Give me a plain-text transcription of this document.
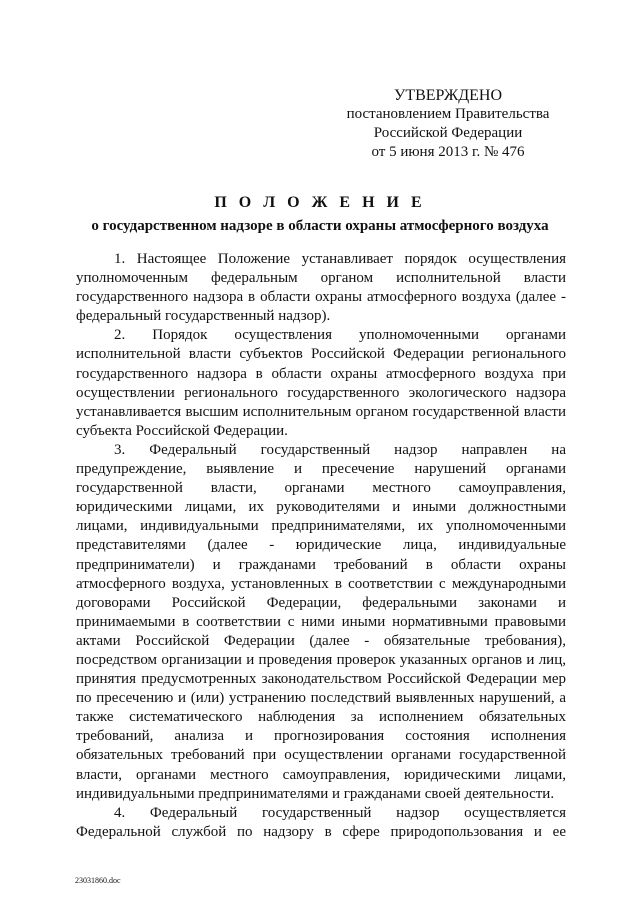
УТВЕРЖДЕНО
постановлением Правительства
Российской Федерации
от 5 июня 2013 г. № 476
П О Л О Ж Е Н И Е
о государственном надзоре в области охраны атмосферного воздуха

1. Настоящее Положение устанавливает порядок осуществления уполномоченным федеральным органом исполнительной власти государственного надзора в области охраны атмосферного воздуха (далее - федеральный государственный надзор).

2. Порядок осуществления уполномоченными органами исполнительной власти субъектов Российской Федерации регионального государственного надзора в области охраны атмосферного воздуха при осуществлении регионального государственного экологического надзора устанавливается высшим исполнительным органом государственной власти субъекта Российской Федерации.

3. Федеральный государственный надзор направлен на предупреждение, выявление и пресечение нарушений органами государственной власти, органами местного самоуправления, юридическими лицами, их руководителями и иными должностными лицами, индивидуальными предпринимателями, их уполномоченными представителями (далее - юридические лица, индивидуальные предприниматели) и гражданами требований в области охраны атмосферного воздуха, установленных в соответствии с международными договорами Российской Федерации, федеральными законами и принимаемыми в соответствии с ними иными нормативными правовыми актами Российской Федерации (далее - обязательные требования), посредством организации и проведения проверок указанных органов и лиц, принятия предусмотренных законодательством Российской Федерации мер по пресечению и (или) устранению последствий выявленных нарушений, а также систематического наблюдения за исполнением обязательных требований, анализа и прогнозирования состояния исполнения обязательных требований при осуществлении органами государственной власти, органами местного самоуправления, юридическими лицами, индивидуальными предпринимателями и гражданами своей деятельности.

4. Федеральный государственный надзор осуществляется Федеральной службой по надзору в сфере природопользования и ее

23031860.doc
